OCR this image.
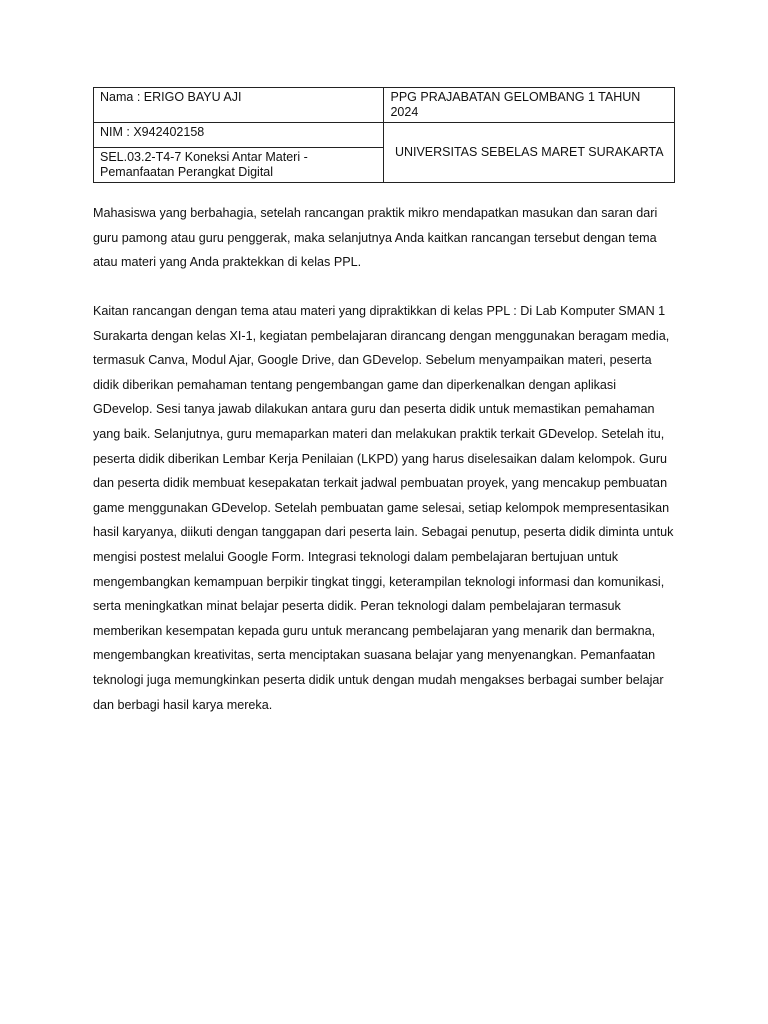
Nama : ERIGO BAYU AJI	PPG PRAJABATAN GELOMBANG 1 TAHUN 2024
NIM : X942402158	UNIVERSITAS SEBELAS MARET SURAKARTA
SEL.03.2-T4-7 Koneksi Antar Materi -
Pemanfaatan Perangkat Digital	

Mahasiswa yang berbahagia, setelah rancangan praktik mikro mendapatkan masukan dan saran dari guru pamong atau guru penggerak, maka selanjutnya Anda kaitkan rancangan tersebut dengan tema atau materi yang Anda praktekkan di kelas PPL.

Kaitan rancangan dengan tema atau materi yang dipraktikkan di kelas PPL : Di Lab Komputer SMAN 1 Surakarta dengan kelas XI-1, kegiatan pembelajaran dirancang dengan menggunakan beragam media, termasuk Canva, Modul Ajar, Google Drive, dan GDevelop. Sebelum menyampaikan materi, peserta didik diberikan pemahaman tentang pengembangan game dan diperkenalkan dengan aplikasi GDevelop. Sesi tanya jawab dilakukan antara guru dan peserta didik untuk memastikan pemahaman yang baik. Selanjutnya, guru memaparkan materi dan melakukan praktik terkait GDevelop. Setelah itu, peserta didik diberikan Lembar Kerja Penilaian (LKPD) yang harus diselesaikan dalam kelompok. Guru dan peserta didik membuat kesepakatan terkait jadwal pembuatan proyek, yang mencakup pembuatan game menggunakan GDevelop. Setelah pembuatan game selesai, setiap kelompok mempresentasikan hasil karyanya, diikuti dengan tanggapan dari peserta lain. Sebagai penutup, peserta didik diminta untuk mengisi postest melalui Google Form. Integrasi teknologi dalam pembelajaran bertujuan untuk mengembangkan kemampuan berpikir tingkat tinggi, keterampilan teknologi informasi dan komunikasi, serta meningkatkan minat belajar peserta didik. Peran teknologi dalam pembelajaran termasuk memberikan kesempatan kepada guru untuk merancang pembelajaran yang menarik dan bermakna, mengembangkan kreativitas, serta menciptakan suasana belajar yang menyenangkan. Pemanfaatan teknologi juga memungkinkan peserta didik untuk dengan mudah mengakses berbagai sumber belajar dan berbagi hasil karya mereka.
